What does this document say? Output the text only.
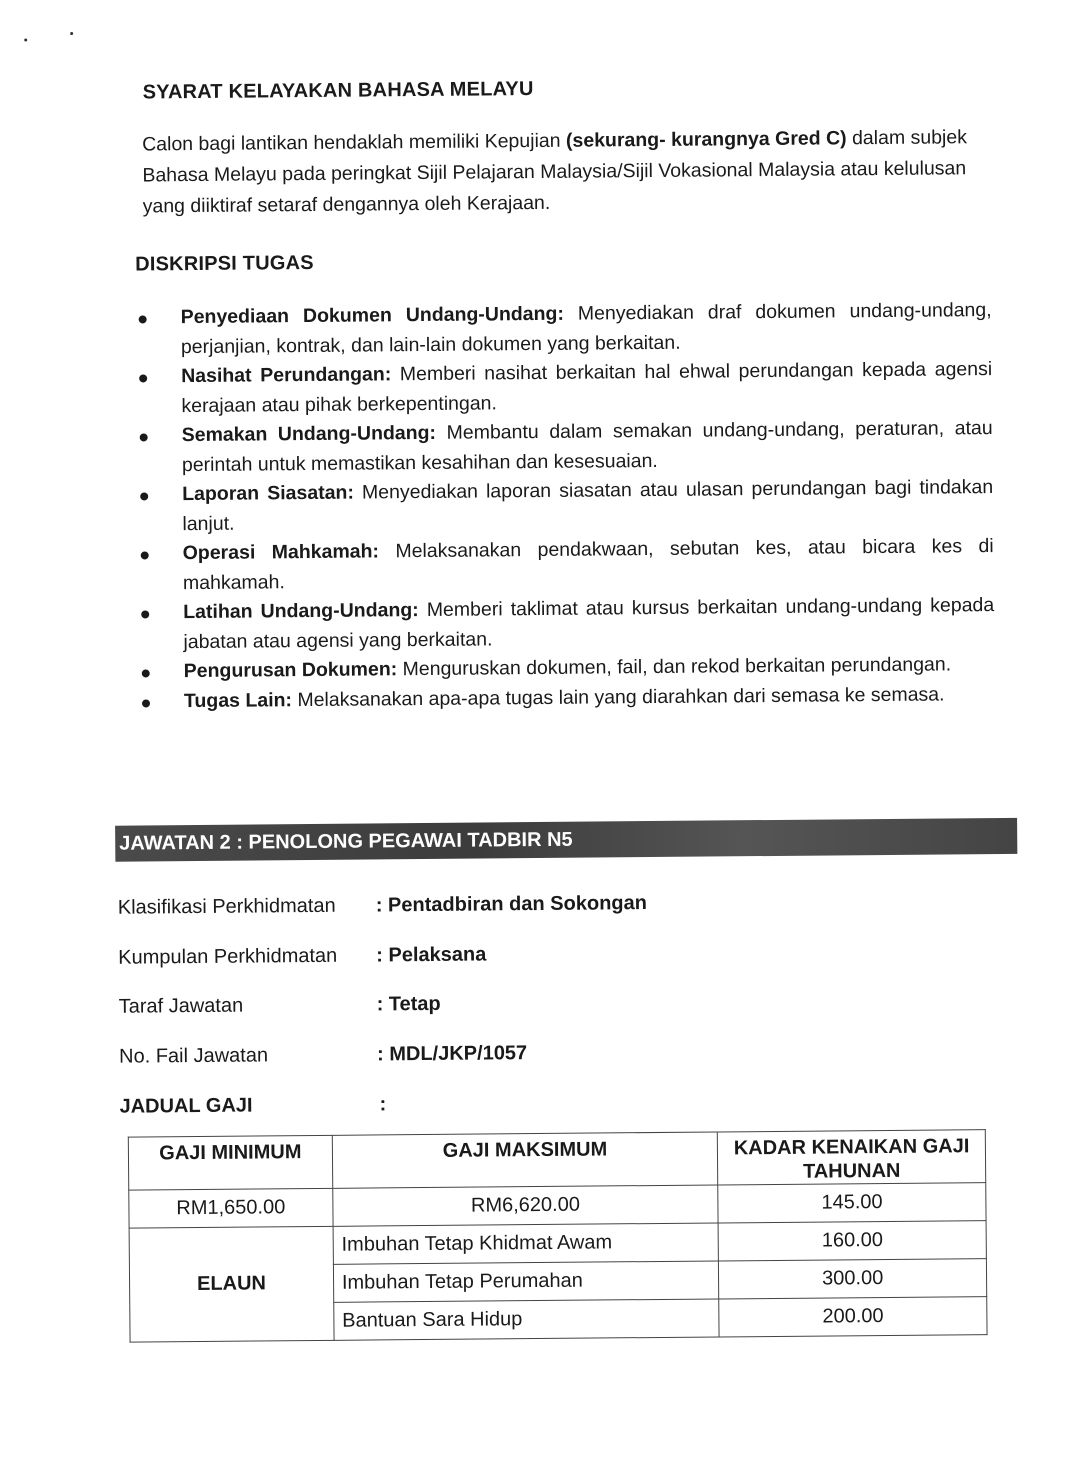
SYARAT KELAYAKAN BAHASA MELAYU
Calon bagi lantikan hendaklah memiliki Kepujian (sekurang- kurangnya Gred C) dalam subjek Bahasa Melayu pada peringkat Sijil Pelajaran Malaysia/Sijil Vokasional Malaysia atau kelulusan yang diiktiraf setaraf dengannya oleh Kerajaan.
DISKRIPSI TUGAS
Penyediaan Dokumen Undang-Undang: Menyediakan draf dokumen undang-undang, perjanjian, kontrak, dan lain-lain dokumen yang berkaitan.
Nasihat Perundangan: Memberi nasihat berkaitan hal ehwal perundangan kepada agensi kerajaan atau pihak berkepentingan.
Semakan Undang-Undang: Membantu dalam semakan undang-undang, peraturan, atau perintah untuk memastikan kesahihan dan kesesuaian.
Laporan Siasatan: Menyediakan laporan siasatan atau ulasan perundangan bagi tindakan lanjut.
Operasi Mahkamah: Melaksanakan pendakwaan, sebutan kes, atau bicara kes di mahkamah.
Latihan Undang-Undang: Memberi taklimat atau kursus berkaitan undang-undang kepada jabatan atau agensi yang berkaitan.
Pengurusan Dokumen: Menguruskan dokumen, fail, dan rekod berkaitan perundangan.
Tugas Lain: Melaksanakan apa-apa tugas lain yang diarahkan dari semasa ke semasa.
JAWATAN 2 : PENOLONG PEGAWAI TADBIR N5
Klasifikasi Perkhidmatan : Pentadbiran dan Sokongan
Kumpulan Perkhidmatan : Pelaksana
Taraf Jawatan	: Tetap
No. Fail Jawatan	: MDL/JKP/1057
JADUAL GAJI	:
GAJI MINIMUM	GAJI MAKSIMUM	KADAR KENAIKAN GAJI TAHUNAN
RM1,650.00	RM6,620.00	145.00
ELAUN	Imbuhan Tetap Khidmat Awam	160.00
	Imbuhan Tetap Perumahan	300.00
	Bantuan Sara Hidup	200.00
